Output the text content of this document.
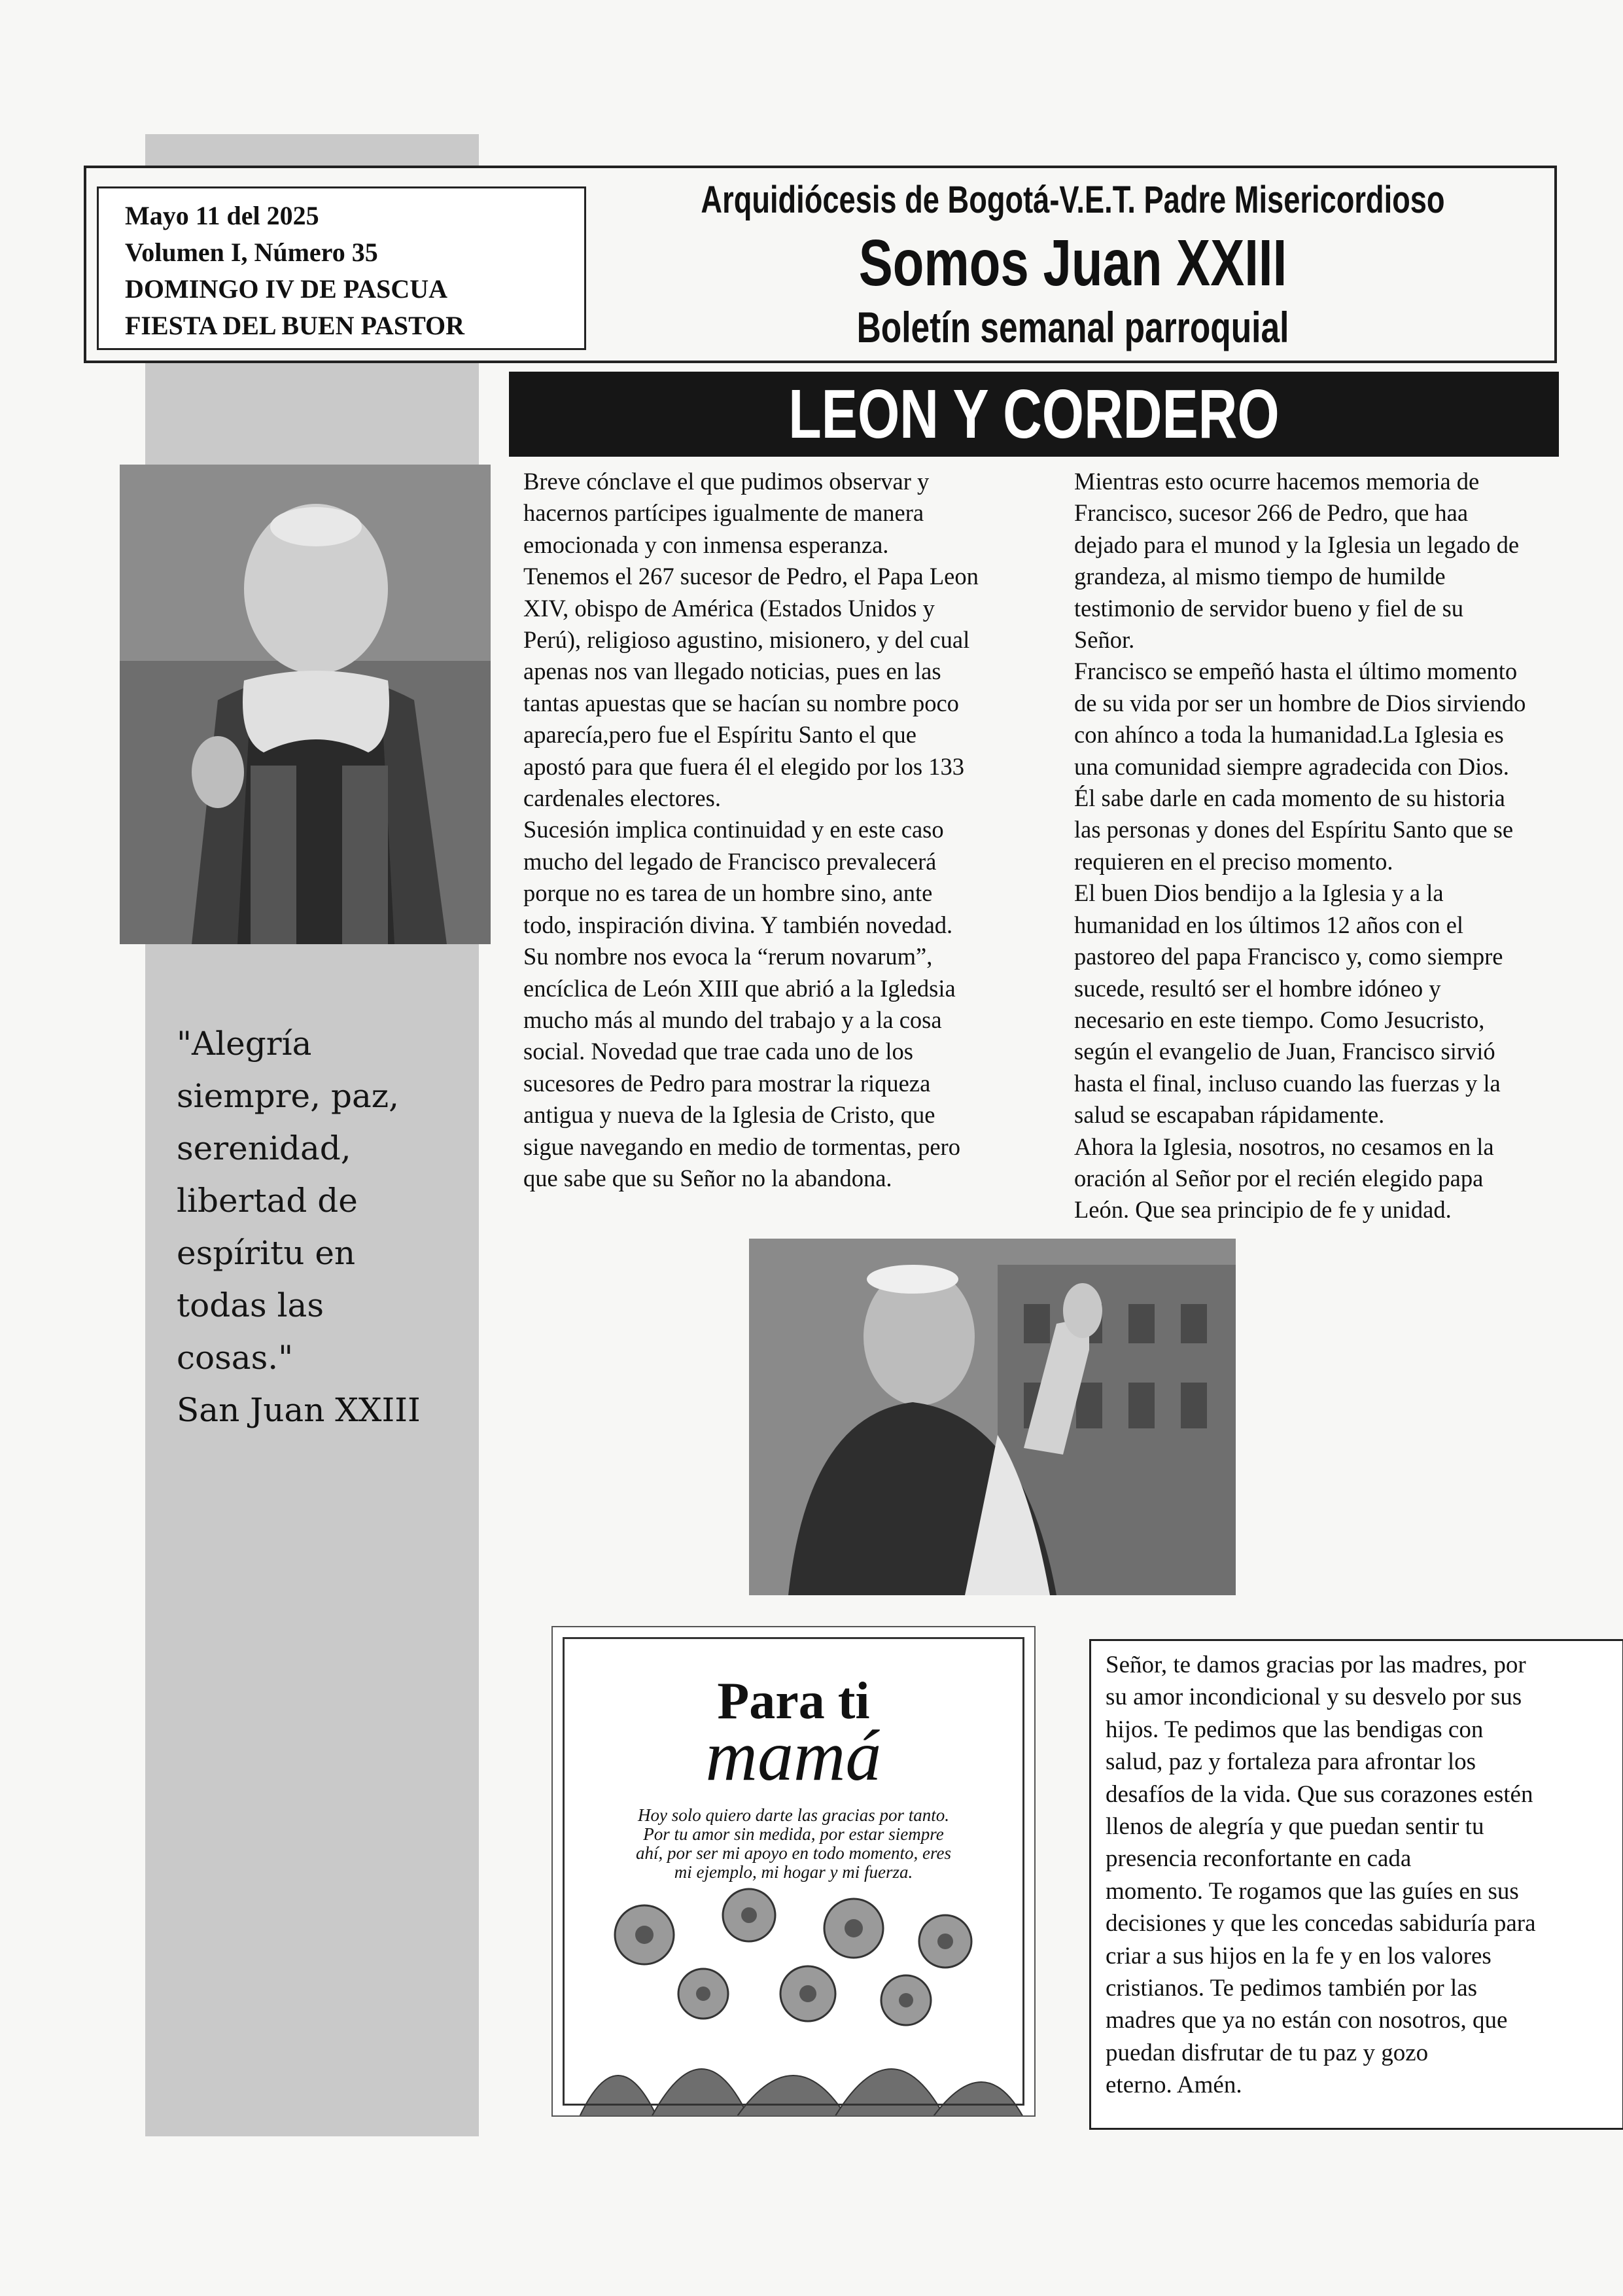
Mayo 11 del 2025
Volumen I, Número 35
DOMINGO IV DE PASCUA
FIESTA DEL BUEN PASTOR
Arquidiócesis de Bogotá-V.E.T. Padre Misericordioso
Somos Juan XXIII
Boletín semanal parroquial
LEON Y CORDERO

Breve cónclave el que pudimos observar y

hacernos partícipes igualmente de manera

emocionada y con inmensa esperanza.

Tenemos el 267 sucesor de Pedro, el Papa Leon

XIV, obispo de América (Estados Unidos y

Perú), religioso agustino, misionero, y del cual

apenas nos van llegado noticias, pues en las

tantas apuestas que se hacían su nombre poco

aparecía,pero fue el Espíritu Santo el que

apostó para que fuera él el elegido por los 133

cardenales electores.

Sucesión implica continuidad y en este caso

mucho del legado de Francisco prevalecerá

porque no es tarea de un hombre sino, ante

todo, inspiración divina. Y también novedad.

Su nombre nos evoca la “rerum novarum”,

encíclica de León XIII que abrió a la Igledsia

mucho más al mundo del trabajo y a la cosa

social. Novedad que trae cada uno de los

sucesores de Pedro para mostrar la riqueza

antigua y nueva de la Iglesia de Cristo, que

sigue navegando en medio de tormentas, pero

que sabe que su Señor no la abandona.

Mientras esto ocurre hacemos memoria de

Francisco, sucesor 266 de Pedro, que haa

dejado para el munod y la Iglesia un legado de

grandeza, al mismo tiempo de humilde

testimonio de servidor bueno y fiel de su

Señor.

Francisco se empeñó hasta el último momento

de su vida por ser un hombre de Dios sirviendo

con ahínco a toda la humanidad.La Iglesia es

una comunidad siempre agradecida con Dios.

Él sabe darle en cada momento de su historia

las personas y dones del Espíritu Santo que se

requieren en el preciso momento.

El buen Dios bendijo a la Iglesia y a la

humanidad en los últimos 12 años con el

pastoreo del papa Francisco y, como siempre

sucede, resultó ser el hombre idóneo y

necesario en este tiempo. Como Jesucristo,

según el evangelio de Juan, Francisco sirvió

hasta el final, incluso cuando las fuerzas y la

salud se escapaban rápidamente.

Ahora la Iglesia, nosotros, no cesamos en la

oración al Señor por el recién elegido papa

León. Que sea principio de fe y unidad.

"Alegría
siempre, paz,
serenidad,
libertad de
espíritu en
todas las
cosas."
San Juan XXIII
Para ti
mamá
Hoy solo quiero darte las gracias por tanto.
Por tu amor sin medida, por estar siempre
ahí, por ser mi apoyo en todo momento, eres
mi ejemplo, mi hogar y mi fuerza.
Señor, te damos gracias por las madres, por
su amor incondicional y su desvelo por sus
hijos. Te pedimos que las bendigas con
salud, paz y fortaleza para afrontar los
desafíos de la vida. Que sus corazones estén
llenos de alegría y que puedan sentir tu
presencia reconfortante en cada
momento. Te rogamos que las guíes en sus
decisiones y que les concedas sabiduría para
criar a sus hijos en la fe y en los valores
cristianos. Te pedimos también por las
madres que ya no están con nosotros, que
puedan disfrutar de tu paz y gozo
eterno. Amén.
